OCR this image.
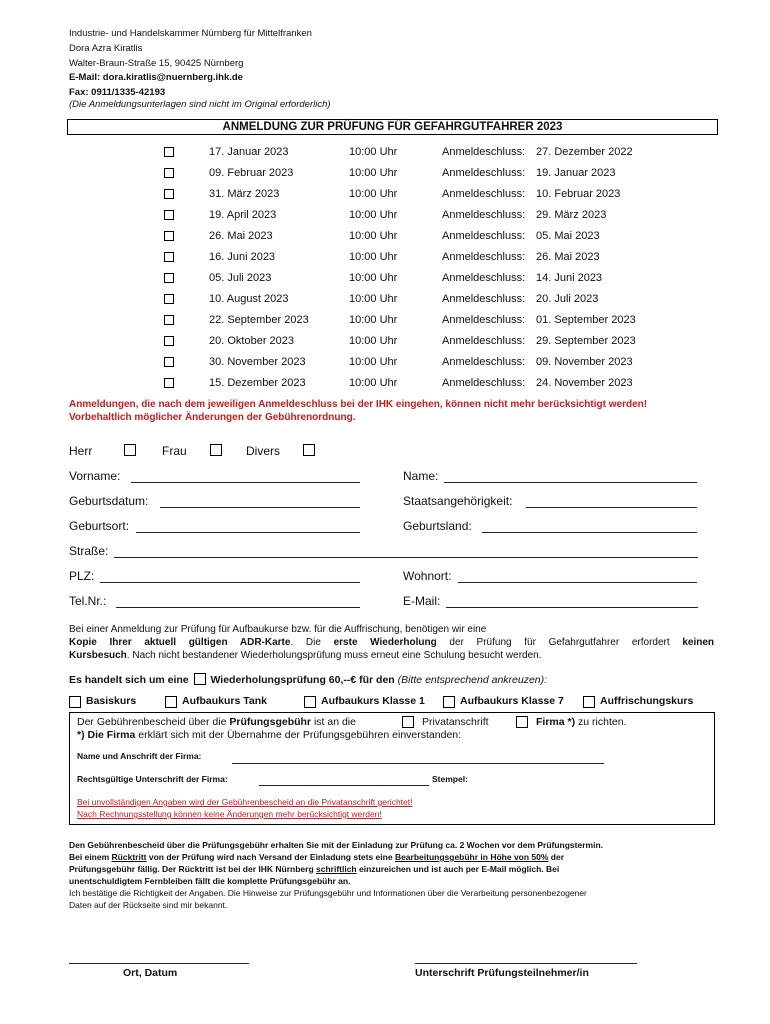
Industrie- und Handelskammer Nürnberg für Mittelfranken
Dora Azra Kiratlis
Walter-Braun-Straße 15, 90425 Nürnberg
E-Mail: dora.kiratlis@nuernberg.ihk.de
Fax: 0911/1335-42193
(Die Anmeldungsunterlagen sind nicht im Original erforderlich)
ANMELDUNG ZUR PRÜFUNG FÜR GEFAHRGUTFAHRER 2023
17. Januar 2023	10:00 Uhr	Anmeldeschluss: 27. Dezember 2022
09. Februar 2023	10:00 Uhr	Anmeldeschluss: 19. Januar 2023
31. März 2023	10:00 Uhr	Anmeldeschluss: 10. Februar 2023
19. April 2023	10:00 Uhr	Anmeldeschluss: 29. März 2023
26. Mai 2023	10:00 Uhr	Anmeldeschluss: 05. Mai 2023
16. Juni 2023	10:00 Uhr	Anmeldeschluss: 26. Mai 2023
05. Juli 2023	10:00 Uhr	Anmeldeschluss: 14. Juni 2023
10. August 2023	10:00 Uhr	Anmeldeschluss: 20. Juli 2023
22. September 2023	10:00 Uhr	Anmeldeschluss: 01. September 2023
20. Oktober 2023	10:00 Uhr	Anmeldeschluss: 29. September 2023
30. November 2023	10:00 Uhr	Anmeldeschluss: 09. November 2023
15. Dezember 2023	10:00 Uhr	Anmeldeschluss: 24. November 2023
Anmeldungen, die nach dem jeweiligen Anmeldeschluss bei der IHK eingehen, können nicht mehr berücksichtigt werden! Vorbehaltlich möglicher Änderungen der Gebührenordnung.
Herr	Frau	Divers
Vorname:	Name:
Geburtsdatum:	Staatsangehörigkeit:
Geburtsort:	Geburtsland:
Straße:
PLZ:	Wohnort:
Tel.Nr.:	E-Mail:
Bei einer Anmeldung zur Prüfung für Aufbaukurse bzw. für die Auffrischung, benötigen wir eine
Kopie Ihrer aktuell gültigen ADR-Karte. Die erste Wiederholung der Prüfung für Gefahrgutfahrer erfordert keinen
Kursbesuch. Nach nicht bestandener Wiederholungsprüfung muss erneut eine Schulung besucht werden.
Es handelt sich um eine Wiederholungsprüfung 60,--€ für den (Bitte entsprechend ankreuzen):
Basiskurs	Aufbaukurs Tank	Aufbaukurs Klasse 1	Aufbaukurs Klasse 7	Auffrischungskurs
Der Gebührenbescheid über die Prüfungsgebühr ist an die	Privatanschrift	Firma *) zu richten.
*) Die Firma erklärt sich mit der Übernahme der Prüfungsgebühren einverstanden:
Name und Anschrift der Firma:
Rechtsgültige Unterschrift der Firma:	Stempel:
Bei unvollständigen Angaben wird der Gebührenbescheid an die Privatanschrift gerichtet!
Nach Rechnungsstellung können keine Änderungen mehr berücksichtigt werden!
Den Gebührenbescheid über die Prüfungsgebühr erhalten Sie mit der Einladung zur Prüfung ca. 2 Wochen vor dem Prüfungstermin.
Bei einem Rücktritt von der Prüfung wird nach Versand der Einladung stets eine Bearbeitungsgebühr in Höhe von 50% der
Prüfungsgebühr fällig. Der Rücktritt ist bei der IHK Nürnberg schriftlich einzureichen und ist auch per E-Mail möglich. Bei
unentschuldigtem Fernbleiben fällt die komplette Prüfungsgebühr an.
Ich bestätige die Richtigkeit der Angaben. Die Hinweise zur Prüfungsgebühr und Informationen über die Verarbeitung personenbezogener
Daten auf der Rückseite sind mir bekannt.
Ort, Datum	Unterschrift Prüfungsteilnehmer/in
